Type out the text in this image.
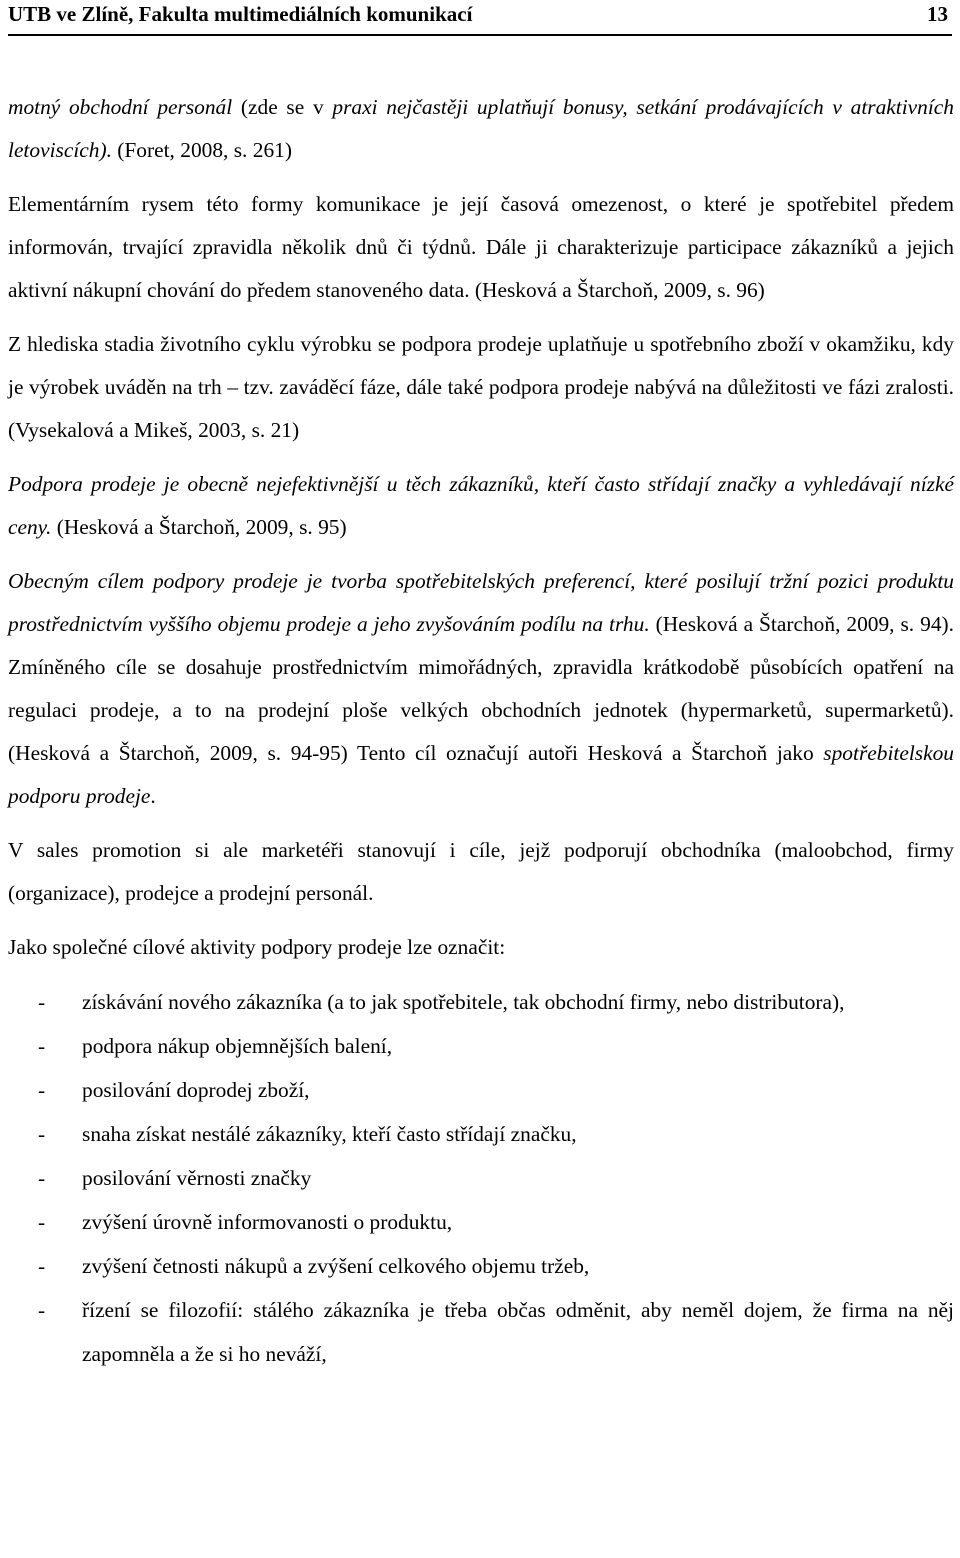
UTB ve Zlíně, Fakulta multimediálních komunikací	13

motný obchodní personál (zde se v praxi nejčastěji uplatňují bonusy, setkání prodávajících v atraktivních letoviscích). (Foret, 2008, s. 261)

Elementárním rysem této formy komunikace je její časová omezenost, o které je spotřebitel předem informován, trvající zpravidla několik dnů či týdnů. Dále ji charakterizuje participace zákazníků a jejich aktivní nákupní chování do předem stanoveného data. (Hesková a Štarchoň, 2009, s. 96)

Z hlediska stadia životního cyklu výrobku se podpora prodeje uplatňuje u spotřebního zboží v okamžiku, kdy je výrobek uváděn na trh – tzv. zaváděcí fáze, dále také podpora prodeje nabývá na důležitosti ve fázi zralosti. (Vysekalová a Mikeš, 2003, s. 21)

Podpora prodeje je obecně nejefektivnější u těch zákazníků, kteří často střídají značky a vyhledávají nízké ceny. (Hesková a Štarchoň, 2009, s. 95)

Obecným cílem podpory prodeje je tvorba spotřebitelských preferencí, které posilují tržní pozici produktu prostřednictvím vyššího objemu prodeje a jeho zvyšováním podílu na trhu. (Hesková a Štarchoň, 2009, s. 94). Zmíněného cíle se dosahuje prostřednictvím mimořádných, zpravidla krátkodobě působících opatření na regulaci prodeje, a to na prodejní ploše velkých obchodních jednotek (hypermarketů, supermarketů). (Hesková a Štarchoň, 2009, s. 94-95) Tento cíl označují autoři Hesková a Štarchoň jako spotřebitelskou podporu prodeje.

V sales promotion si ale marketéři stanovují i cíle, jejž podporují obchodníka (maloobchod, firmy (organizace), prodejce a prodejní personál.

Jako společné cílové aktivity podpory prodeje lze označit:

- získávání nového zákazníka (a to jak spotřebitele, tak obchodní firmy, nebo distributora),
- podpora nákup objemnějších balení,
- posilování doprodej zboží,
- snaha získat nestálé zákazníky, kteří často střídají značku,
- posilování věrnosti značky
- zvýšení úrovně informovanosti o produktu,
- zvýšení četnosti nákupů a zvýšení celkového objemu tržeb,
- řízení se filozofií: stálého zákazníka je třeba občas odměnit, aby neměl dojem, že firma na něj zapomněla a že si ho neváží,
